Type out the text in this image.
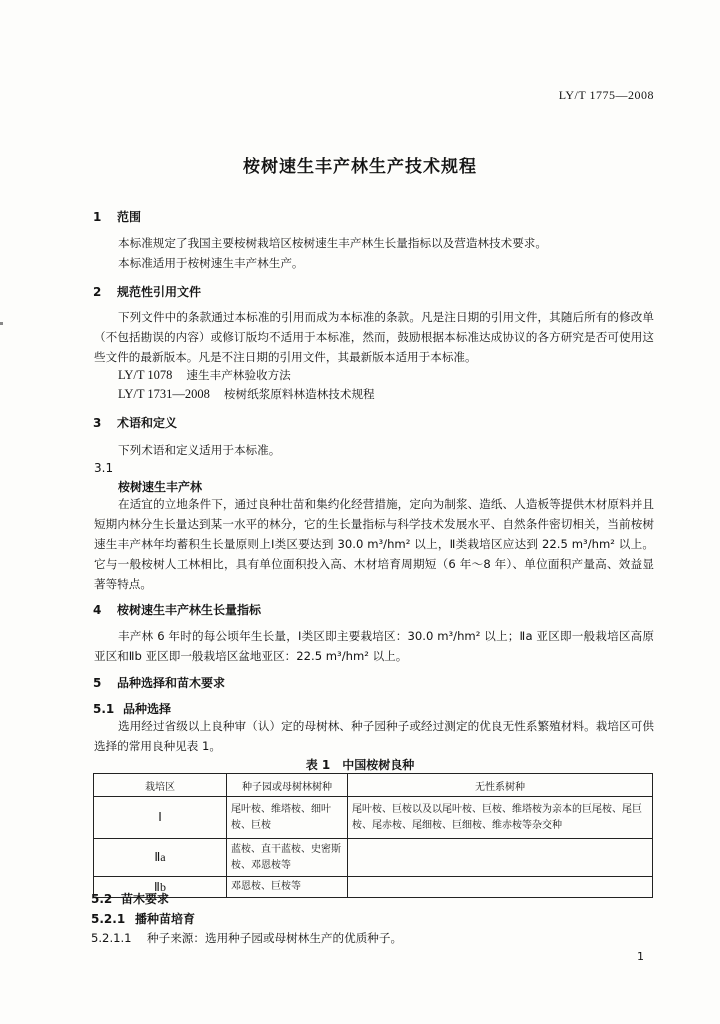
LY/T 1775—2008
桉树速生丰产林生产技术规程
1 范围
本标准规定了我国主要桉树栽培区桉树速生丰产林生长量指标以及营造林技术要求。
本标准适用于桉树速生丰产林生产。
2 规范性引用文件
下列文件中的条款通过本标准的引用而成为本标准的条款。凡是注日期的引用文件，其随后所有的修改单（不包括勘误的内容）或修订版均不适用于本标准，然而，鼓励根据本标准达成协议的各方研究是否可使用这些文件的最新版本。凡是不注日期的引用文件，其最新版本适用于本标准。
LY/T 1078 速生丰产林验收方法
LY/T 1731—2008 桉树纸浆原料林造林技术规程
3 术语和定义
下列术语和定义适用于本标准。
3.1
桉树速生丰产林
在适宜的立地条件下，通过良种壮苗和集约化经营措施，定向为制浆、造纸、人造板等提供木材原料并且短期内林分生长量达到某一水平的林分，它的生长量指标与科学技术发展水平、自然条件密切相关，当前桉树速生丰产林年均蓄积生长量原则上Ⅰ类区要达到 30.0 m³/hm² 以上，Ⅱ类栽培区应达到 22.5 m³/hm² 以上。它与一般桉树人工林相比，具有单位面积投入高、木材培育周期短（6 年～8 年）、单位面积产量高、效益显著等特点。
4 桉树速生丰产林生长量指标
丰产林 6 年时的每公顷年生长量，Ⅰ类区即主要栽培区：30.0 m³/hm² 以上；Ⅱa 亚区即一般栽培区高原亚区和Ⅱb 亚区即一般栽培区盆地亚区：22.5 m³/hm² 以上。
5 品种选择和苗木要求
5.1 品种选择
选用经过省级以上良种审（认）定的母树林、种子园种子或经过测定的优良无性系繁殖材料。栽培区可供选择的常用良种见表 1。
表 1　中国桉树良种
栽培区	种子园或母树林树种	无性系树种
Ⅰ	尾叶桉、维塔桉、细叶桉、巨桉	尾叶桉、巨桉以及以尾叶桉、巨桉、维塔桉为亲本的巨尾桉、尾巨桉、尾赤桉、尾细桉、巨细桉、维赤桉等杂交种
Ⅱa	蓝桉、直干蓝桉、史密斯桉、邓恩桉等	
Ⅱb	邓恩桉、巨桉等	
5.2 苗木要求
5.2.1 播种苗培育
5.2.1.1 种子来源：选用种子园或母树林生产的优质种子。
1
